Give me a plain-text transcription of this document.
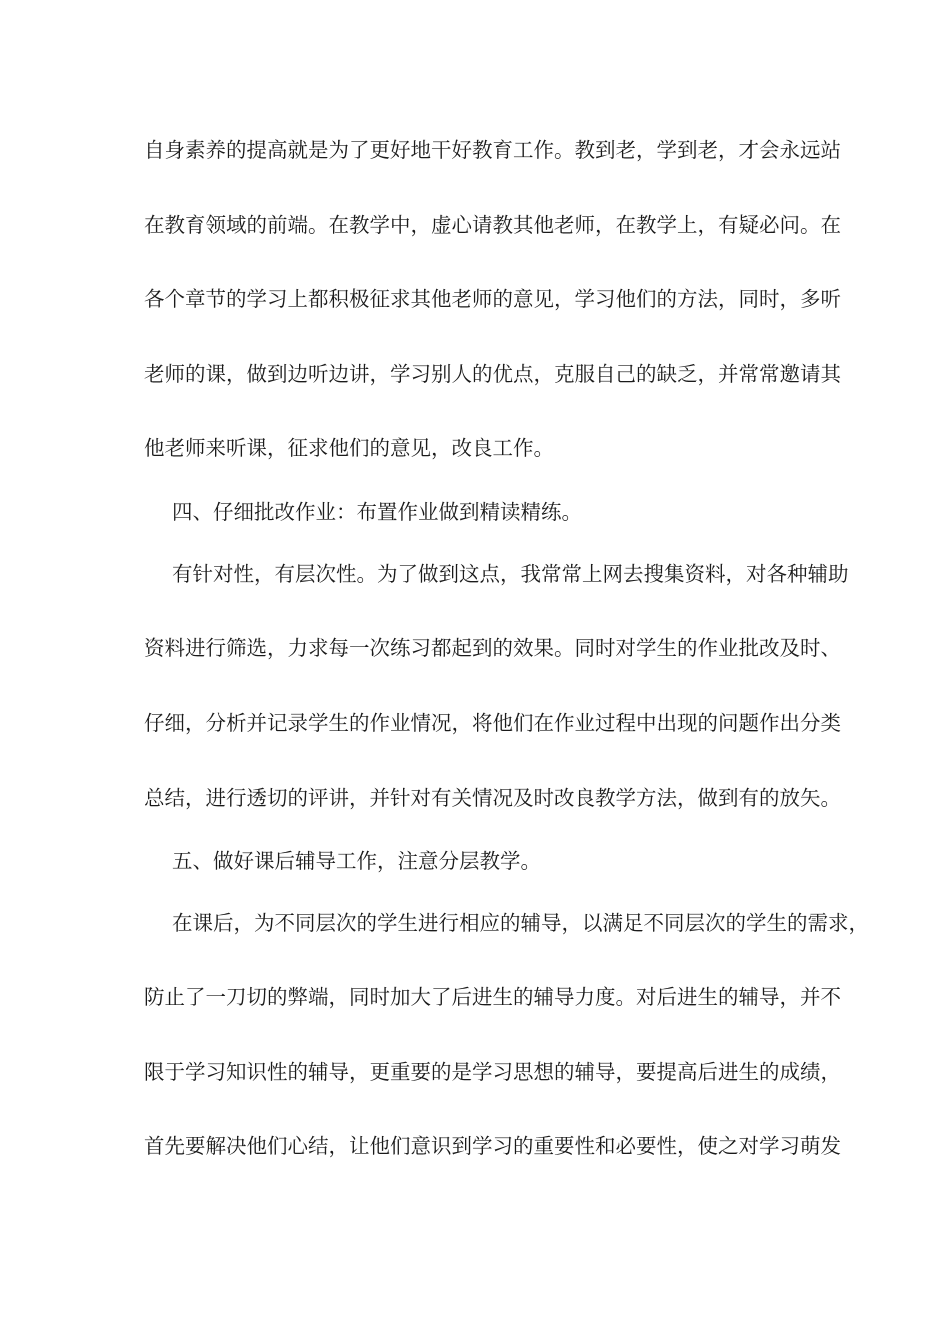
自身素养的提高就是为了更好地干好教育工作。教到老，学到老，才会永远站
在教育领域的前端。在教学中，虚心请教其他老师，在教学上，有疑必问。在
各个章节的学习上都积极征求其他老师的意见，学习他们的方法，同时，多听
老师的课，做到边听边讲，学习别人的优点，克服自己的缺乏，并常常邀请其
他老师来听课，征求他们的意见，改良工作。
四、仔细批改作业：布置作业做到精读精练。
有针对性，有层次性。为了做到这点，我常常上网去搜集资料，对各种辅助
资料进行筛选，力求每一次练习都起到的效果。同时对学生的作业批改及时、
仔细，分析并记录学生的作业情况，将他们在作业过程中出现的问题作出分类
总结，进行透切的评讲，并针对有关情况及时改良教学方法，做到有的放矢。
五、做好课后辅导工作，注意分层教学。
在课后，为不同层次的学生进行相应的辅导，以满足不同层次的学生的需求，
防止了一刀切的弊端，同时加大了后进生的辅导力度。对后进生的辅导，并不
限于学习知识性的辅导，更重要的是学习思想的辅导，要提高后进生的成绩，
首先要解决他们心结，让他们意识到学习的重要性和必要性，使之对学习萌发
